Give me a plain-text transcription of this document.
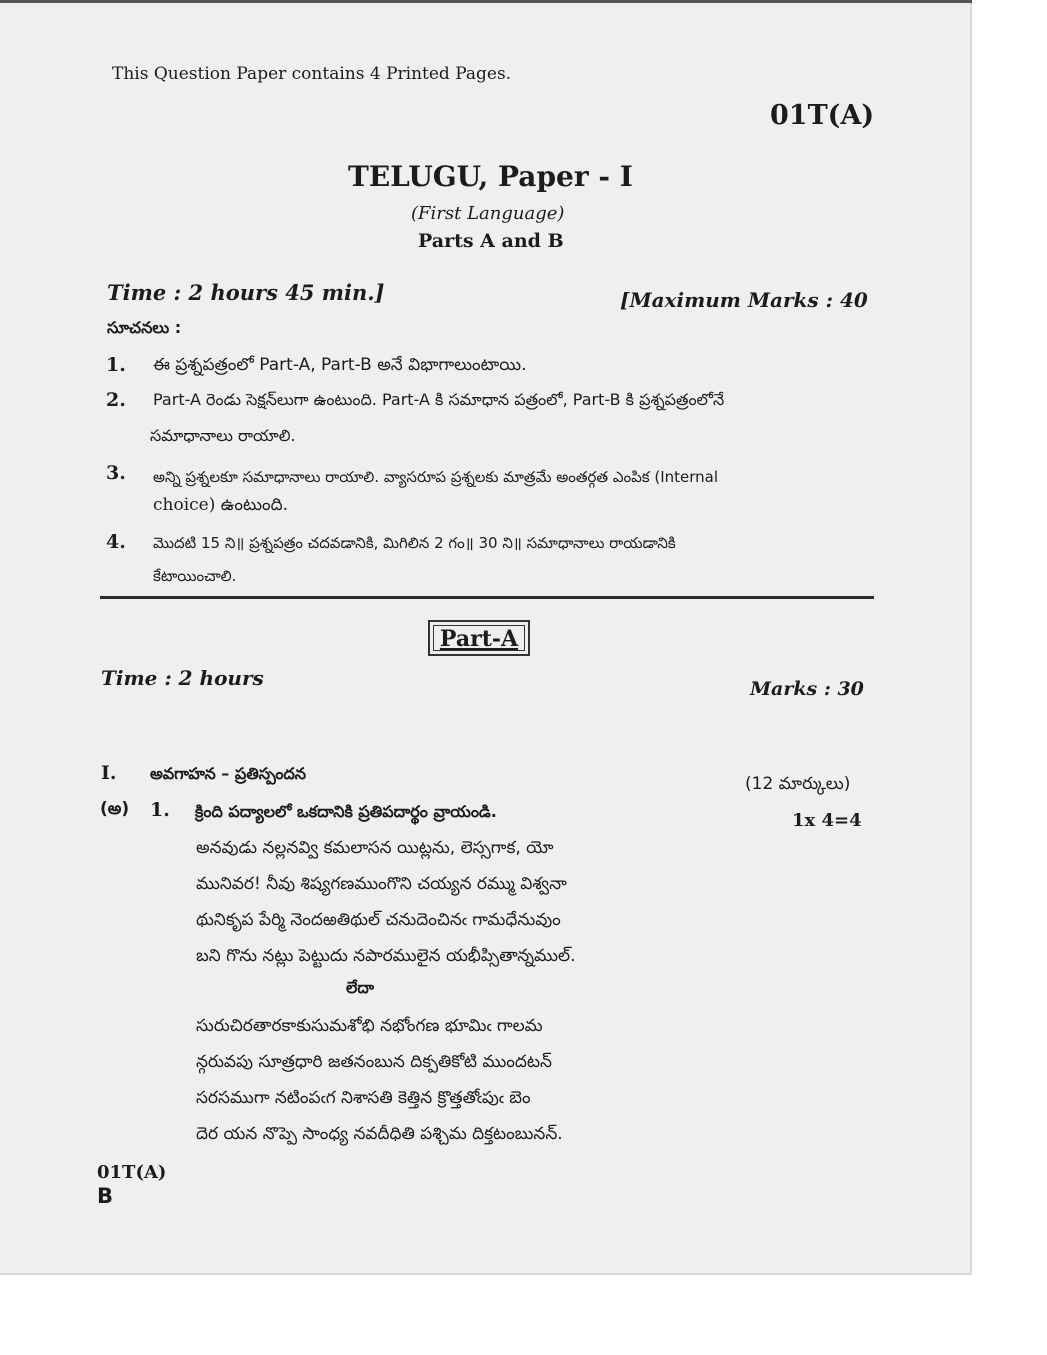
This Question Paper contains 4 Printed Pages.
01T(A)
TELUGU, Paper - I
(First Language)
Parts A and B
Time : 2 hours 45 min.]	[Maximum Marks : 40
సూచనలు :
1. ఈ ప్రశ్నపత్రంలో Part-A, Part-B అనే విభాగాలుంటాయి.
2. Part-A రెండు సెక్షన్‌లుగా ఉంటుంది. Part-A కి సమాధాన పత్రంలో, Part-B కి ప్రశ్నపత్రంలోనే
సమాధానాలు రాయాలి.
3. అన్ని ప్రశ్నలకూ సమాధానాలు రాయాలి. వ్యాసరూప ప్రశ్నలకు మాత్రమే అంతర్గత ఎంపిక (Internal
choice) ఉంటుంది.
4. మొదటి 15 ని॥ ప్రశ్నపత్రం చదవడానికి, మిగిలిన 2 గం॥ 30 ని॥ సమాధానాలు రాయడానికి
కేటాయించాలి.
Part-A
Time : 2 hours	Marks : 30
I. అవగాహన – ప్రతిస్పందన
(12 మార్కులు)
(అ) 1. క్రింది పద్యాలలో ఒకదానికి ప్రతిపదార్థం వ్రాయండి.	1x 4=4
అనవుడు నల్లనవ్వి కమలాసన యిట్లను, లెస్సగాక, యో
మునివర! నీవు శిష్యగణముంగొని చయ్యన రమ్ము విశ్వనా
థునికృప పేర్మి నెందఱతిథుల్ చనుదెంచినఁ గామధేనువుం
బని గొను నట్లు పెట్టుదు నపారములైన యభీప్సితాన్నముల్.
లేదా
సురుచిరతారకాకుసుమశోభి నభోంగణ భూమిఁ గాలమ
న్గరువపు సూత్రధారి జతనంబున దిక్పతికోటి ముందటన్
సరసముగా నటింపఁగ నిశాసతి కెత్తిన క్రొత్తతోఁపుఁ బెం
దెర యన నొప్పె సాంధ్య నవదీధితి పశ్చిమ దిక్తటంబునన్.
01T(A)
B
